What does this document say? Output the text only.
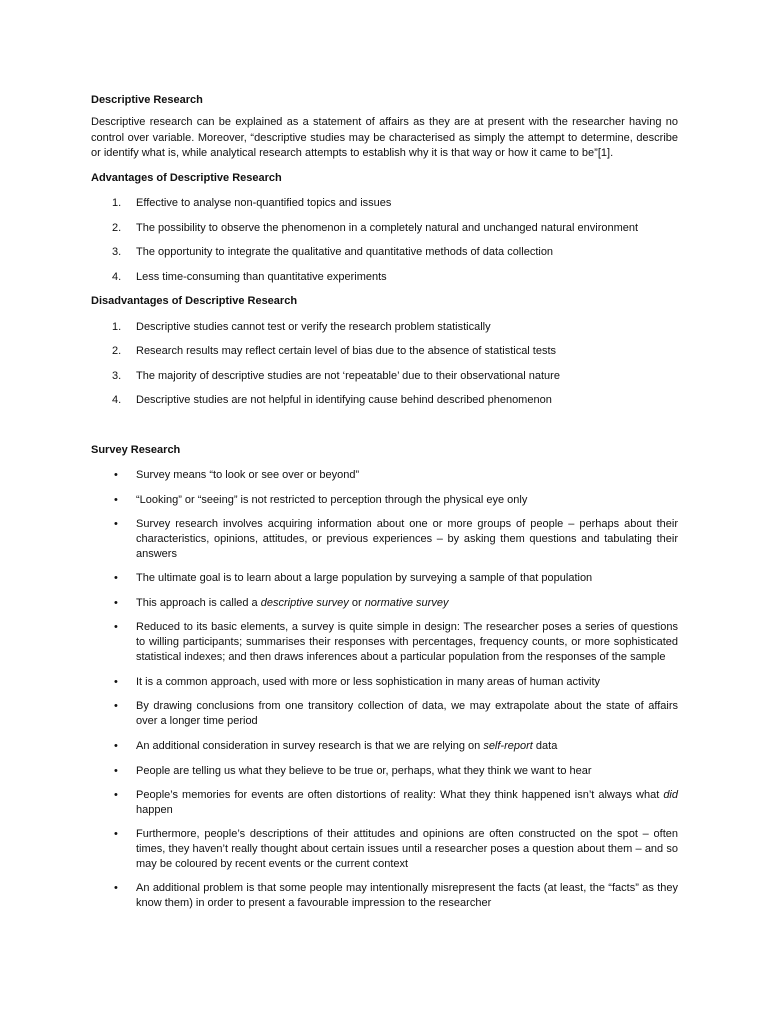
Descriptive Research

Descriptive research can be explained as a statement of affairs as they are at present with the researcher having no control over variable. Moreover, “descriptive studies may be characterised as simply the attempt to determine, describe or identify what is, while analytical research attempts to establish why it is that way or how it came to be”[1].

Advantages of Descriptive Research
1. Effective to analyse non-quantified topics and issues
2. The possibility to observe the phenomenon in a completely natural and unchanged natural environment
3. The opportunity to integrate the qualitative and quantitative methods of data collection
4. Less time-consuming than quantitative experiments
Disadvantages of Descriptive Research
1. Descriptive studies cannot test or verify the research problem statistically
2. Research results may reflect certain level of bias due to the absence of statistical tests
3. The majority of descriptive studies are not ‘repeatable’ due to their observational nature
4. Descriptive studies are not helpful in identifying cause behind described phenomenon
Survey Research
• Survey means “to look or see over or beyond”
• “Looking” or “seeing” is not restricted to perception through the physical eye only
• Survey research involves acquiring information about one or more groups of people – perhaps about their characteristics, opinions, attitudes, or previous experiences – by asking them questions and tabulating their answers
• The ultimate goal is to learn about a large population by surveying a sample of that population
• This approach is called a descriptive survey or normative survey
• Reduced to its basic elements, a survey is quite simple in design: The researcher poses a series of questions to willing participants; summarises their responses with percentages, frequency counts, or more sophisticated statistical indexes; and then draws inferences about a particular population from the responses of the sample
• It is a common approach, used with more or less sophistication in many areas of human activity
• By drawing conclusions from one transitory collection of data, we may extrapolate about the state of affairs over a longer time period
• An additional consideration in survey research is that we are relying on self-report data
• People are telling us what they believe to be true or, perhaps, what they think we want to hear
• People’s memories for events are often distortions of reality: What they think happened isn’t always what did happen
• Furthermore, people’s descriptions of their attitudes and opinions are often constructed on the spot – often times, they haven’t really thought about certain issues until a researcher poses a question about them – and so may be coloured by recent events or the current context
• An additional problem is that some people may intentionally misrepresent the facts (at least, the “facts” as they know them) in order to present a favourable impression to the researcher
